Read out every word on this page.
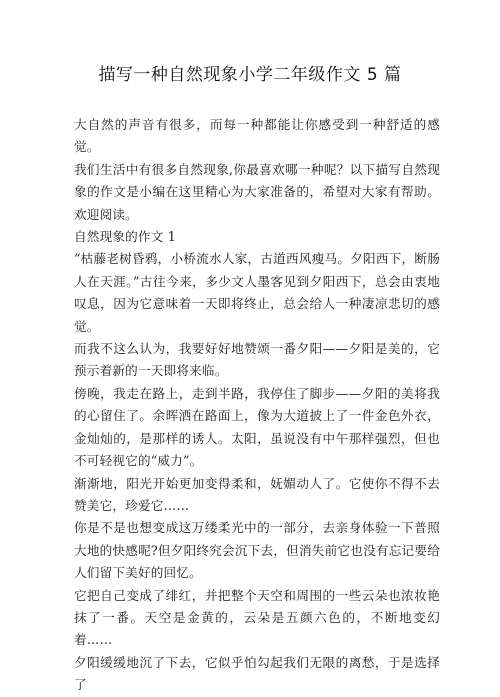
描写一种自然现象小学二年级作文 5 篇

大自然的声音有很多，而每一种都能让你感受到一种舒适的感觉。

我们生活中有很多自然现象,你最喜欢哪一种呢？以下描写自然现象的作文是小编在这里精心为大家准备的，希望对大家有帮助。欢迎阅读。

自然现象的作文 1

“枯藤老树昏鸦，小桥流水人家，古道西风瘦马。夕阳西下，断肠人在天涯。”古往今来，多少文人墨客见到夕阳西下，总会由衷地叹息，因为它意味着一天即将终止，总会给人一种凄凉悲切的感觉。

而我不这么认为，我要好好地赞颂一番夕阳——夕阳是美的，它预示着新的一天即将来临。

傍晚，我走在路上，走到半路，我停住了脚步——夕阳的美将我的心留住了。余晖洒在路面上，像为大道披上了一件金色外衣，金灿灿的，是那样的诱人。太阳，虽说没有中午那样强烈，但也不可轻视它的“威力”。

渐渐地，阳光开始更加变得柔和，妩媚动人了。它使你不得不去赞美它，珍爱它……

你是不是也想变成这万缕柔光中的一部分，去亲身体验一下普照大地的快感呢?但夕阳终究会沉下去，但消失前它也没有忘记要给人们留下美好的回忆。

它把自己变成了绯红，并把整个天空和周围的一些云朵也浓妆艳抹了一番。天空是金黄的，云朵是五颜六色的，不断地变幻着……

夕阳缓缓地沉了下去，它似乎怕勾起我们无限的离愁，于是选择了
